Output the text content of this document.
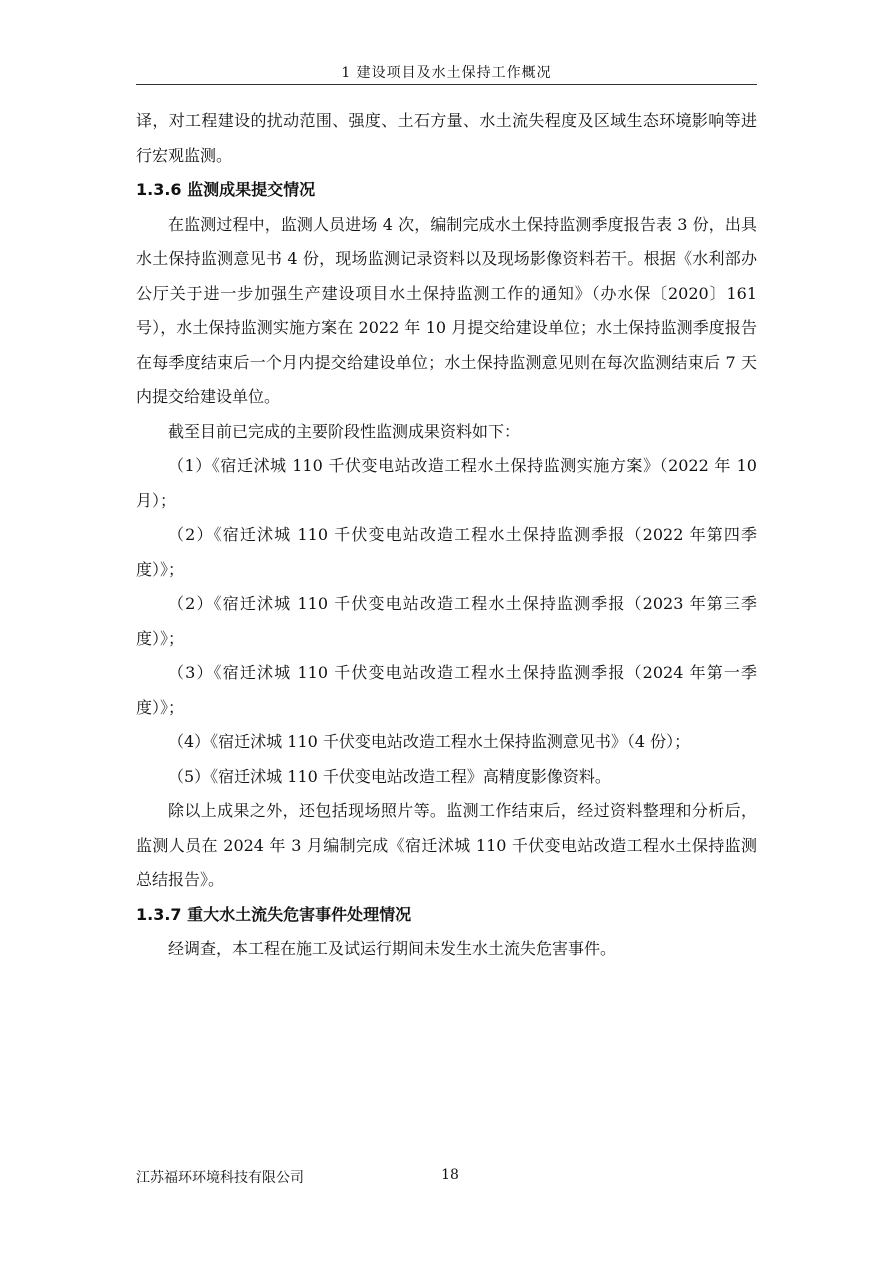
1 建设项目及水土保持工作概况

译，对工程建设的扰动范围、强度、土石方量、水土流失程度及区域生态环境影响等进行宏观监测。

1.3.6 监测成果提交情况

在监测过程中，监测人员进场 4 次，编制完成水土保持监测季度报告表 3 份，出具水土保持监测意见书 4 份，现场监测记录资料以及现场影像资料若干。根据《水利部办公厅关于进一步加强生产建设项目水土保持监测工作的通知》（办水保〔2020〕161 号），水土保持监测实施方案在 2022 年 10 月提交给建设单位；水土保持监测季度报告在每季度结束后一个月内提交给建设单位；水土保持监测意见则在每次监测结束后 7 天内提交给建设单位。

截至目前已完成的主要阶段性监测成果资料如下：

（1）《宿迁沭城 110 千伏变电站改造工程水土保持监测实施方案》（2022 年 10 月）；

（2）《宿迁沭城 110 千伏变电站改造工程水土保持监测季报（2022 年第四季度）》；

（2）《宿迁沭城 110 千伏变电站改造工程水土保持监测季报（2023 年第三季度）》；

（3）《宿迁沭城 110 千伏变电站改造工程水土保持监测季报（2024 年第一季度）》；

（4）《宿迁沭城 110 千伏变电站改造工程水土保持监测意见书》（4 份）；

（5）《宿迁沭城 110 千伏变电站改造工程》高精度影像资料。

除以上成果之外，还包括现场照片等。监测工作结束后，经过资料整理和分析后，监测人员在 2024 年 3 月编制完成《宿迁沭城 110 千伏变电站改造工程水土保持监测总结报告》。

1.3.7 重大水土流失危害事件处理情况

经调查，本工程在施工及试运行期间未发生水土流失危害事件。

江苏福环环境科技有限公司	18
